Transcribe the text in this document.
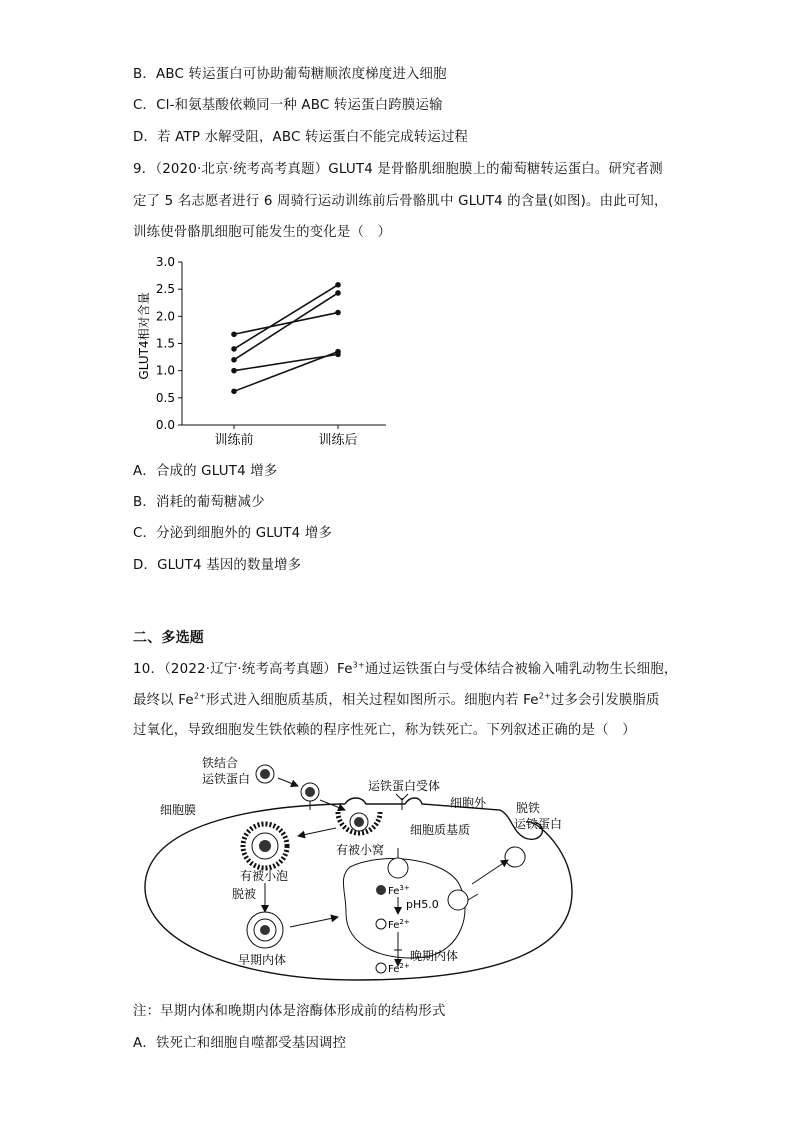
B．ABC 转运蛋白可协助葡萄糖顺浓度梯度进入细胞
C．Cl-和氨基酸依赖同一种 ABC 转运蛋白跨膜运输
D．若 ATP 水解受阻，ABC 转运蛋白不能完成转运过程
9．（2020·北京·统考高考真题）GLUT4 是骨骼肌细胞膜上的葡萄糖转运蛋白。研究者测
定了 5 名志愿者进行 6 周骑行运动训练前后骨骼肌中 GLUT4 的含量(如图)。由此可知，
训练使骨骼肌细胞可能发生的变化是（　）
0.0
0.5
1.0
1.5
2.0
2.5
3.0
训练前	训练后
GLUT4相对含量
A．合成的 GLUT4 增多
B．消耗的葡萄糖减少
C．分泌到细胞外的 GLUT4 增多
D．GLUT4 基因的数量增多
二、多选题
10．（2022·辽宁·统考高考真题）$Fe^{3+}$通过运铁蛋白与受体结合被输入哺乳动物生长细胞，
最终以 $Fe^{2+}$形式进入细胞质基质，相关过程如图所示。细胞内若 $Fe^{2+}$过多会引发膜脂质
过氧化，导致细胞发生铁依赖的程序性死亡，称为铁死亡。下列叙述正确的是（　）
铁结合
运铁蛋白	运铁蛋白受体
细胞膜	细胞外 脱铁
运铁蛋白
有被小窝
细胞质基质
有被小泡
脱被
早期内体
$Fe^{3+}$
pH5.0
$Fe^{2+}$
晚期内体
$Fe^{2+}$
注：早期内体和晚期内体是溶酶体形成前的结构形式
A．铁死亡和细胞自噬都受基因调控
